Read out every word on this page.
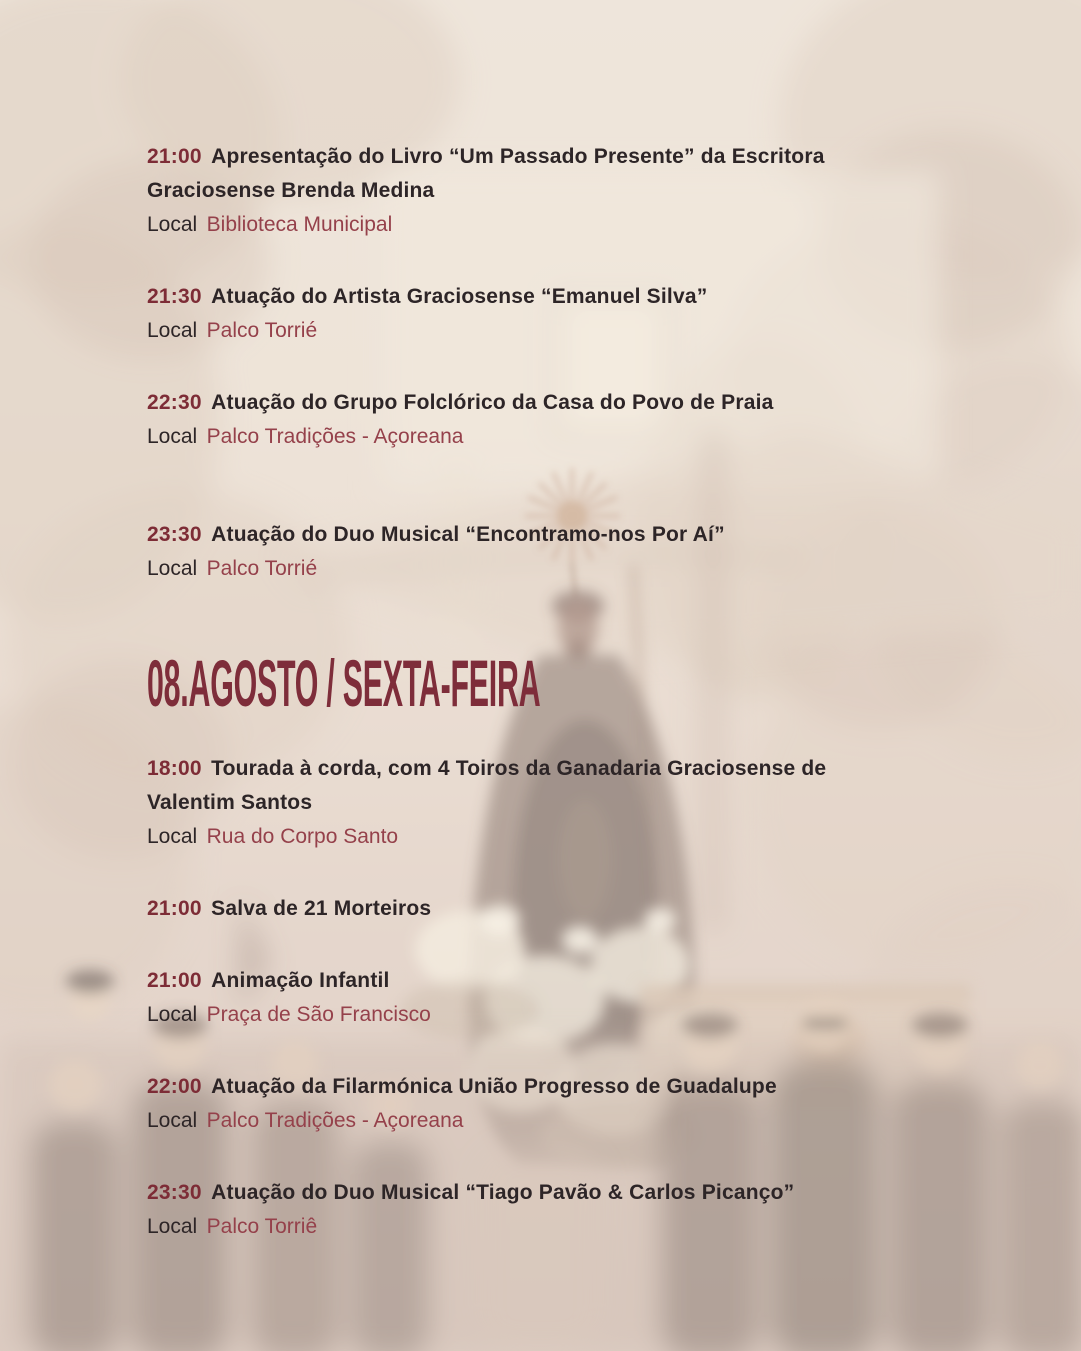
21:00 Apresentação do Livro “Um Passado Presente” da Escritora Graciosense Brenda Medina

Local Biblioteca Municipal

21:30 Atuação do Artista Graciosense “Emanuel Silva”

Local Palco Torrié

22:30 Atuação do Grupo Folclórico da Casa do Povo de Praia

Local Palco Tradições - Açoreana

23:30 Atuação do Duo Musical “Encontramo-nos Por Aí”

Local Palco Torrié

08.AGOSTO / SEXTA-FEIRA

18:00 Tourada à corda, com 4 Toiros da Ganadaria Graciosense de Valentim Santos

Local Rua do Corpo Santo

21:00 Salva de 21 Morteiros

21:00 Animação Infantil

Local Praça de São Francisco

22:00 Atuação da Filarmónica União Progresso de Guadalupe

Local Palco Tradições - Açoreana

23:30 Atuação do Duo Musical “Tiago Pavão & Carlos Picanço”

Local Palco Torriê
